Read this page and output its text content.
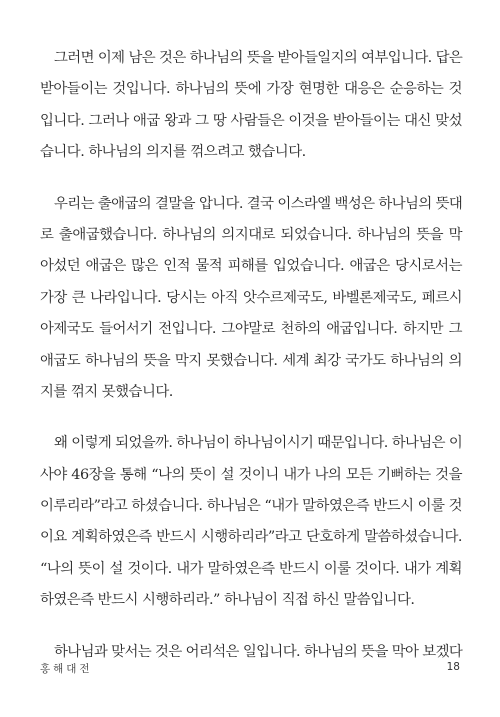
그러면 이제 남은 것은 하나님의 뜻을 받아들일지의 여부입니다. 답은
받아들이는 것입니다. 하나님의 뜻에 가장 현명한 대응은 순응하는 것
입니다. 그러나 애굽 왕과 그 땅 사람들은 이것을 받아들이는 대신 맞섰
습니다. 하나님의 의지를 꺾으려고 했습니다.
우리는 출애굽의 결말을 압니다. 결국 이스라엘 백성은 하나님의 뜻대
로 출애굽했습니다. 하나님의 의지대로 되었습니다. 하나님의 뜻을 막
아섰던 애굽은 많은 인적 물적 피해를 입었습니다. 애굽은 당시로서는
가장 큰 나라입니다. 당시는 아직 앗수르제국도, 바벨론제국도, 페르시
아제국도 들어서기 전입니다. 그야말로 천하의 애굽입니다. 하지만 그
애굽도 하나님의 뜻을 막지 못했습니다. 세계 최강 국가도 하나님의 의
지를 꺾지 못했습니다.
왜 이렇게 되었을까. 하나님이 하나님이시기 때문입니다. 하나님은 이
사야 46장을 통해 “나의 뜻이 설 것이니 내가 나의 모든 기뻐하는 것을
이루리라”라고 하셨습니다. 하나님은 “내가 말하였은즉 반드시 이룰 것
이요 계획하였은즉 반드시 시행하리라”라고 단호하게 말씀하셨습니다.
“나의 뜻이 설 것이다. 내가 말하였은즉 반드시 이룰 것이다. 내가 계획
하였은즉 반드시 시행하리라.” 하나님이 직접 하신 말씀입니다.
하나님과 맞서는 것은 어리석은 일입니다. 하나님의 뜻을 막아 보겠다
홍해대전	18
